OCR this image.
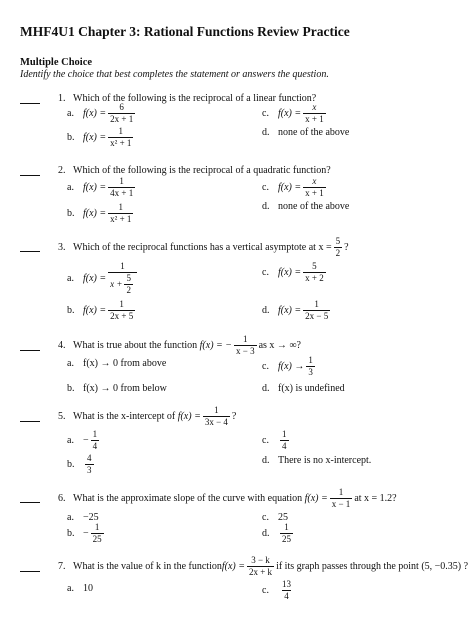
MHF4U1 Chapter 3: Rational Functions Review Practice
Multiple Choice
Identify the choice that best completes the statement or answers the question.
1. Which of the following is the reciprocal of a linear function?
a. $f(x) = \frac{6}{2x + 1}$	c. $f(x) = \frac{x}{x + 1}$
b. $f(x) = \frac{1}{\text{x² + 1}}$	d. none of the above
2. Which of the following is the reciprocal of a quadratic function?
a. $f(x) = \frac{1}{4x + 1}$	c. $f(x) = \frac{x}{x + 1}$
b. $f(x) = \frac{1}{\text{x² + 1}}$	d. none of the above
3.
Which of the reciprocal functions has a vertical asymptote at $x = \frac{5}{2}$ ?
a. $f(x) = \frac{1}{x + \frac{5}{2}}$	c. $f(x) = \frac{5}{x + 2}$
b. $f(x) = \frac{1}{2x + 5}$	d. $f(x) = \frac{1}{2x - 5}$
4.
What is true about the function
f(x) = − $\frac{1}{x - 3}$ as x → ∞?
a. f(x) → 0 from above	c. $f(x) \to \frac{1}{3}$
b. f(x) → 0 from below	d. f(x) is undefined
5.
What is the x-intercept of
$f(x) = \frac{1}{3x - 4}$ ?
a. − $\frac{1}{4}$	c.	$\frac{1}{4}$
b.	$\frac{4}{3}$	d. There is no x-intercept.
6.
What is the approximate slope of the curve with equation
$f(x) = \frac{1}{x - 1}$ at x = 1.2?
a. −25	c. 25
b. − $\frac{1}{25}$	d.	$\frac{1}{25}$
7.
What is the value of k in the function $f(x) = \frac{3 - k}{2x + k}$ if its graph passes through the point (5, −0.35) ?
a. 10	c.	$\frac{13}{4}$
